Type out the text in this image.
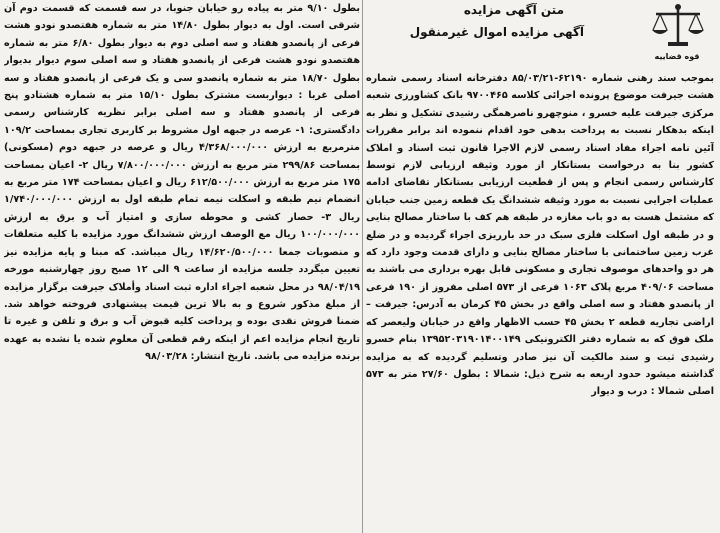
قوه قضاییه
متن آگهی مزایده
آگهی مزایده اموال غیرمنقول

بموجب سند رهنی شماره ۶۲۱۹۰-۸۵/۰۳/۲۱ دفترخانه اسناد رسمی شماره هشت جیرفت موضوع پرونده اجرائی کلاسه ۹۷۰۰۴۶۵ بانک کشاورزی شعبه مرکزی جیرفت علیه خسرو ، منوچهرو ناصرهمگی رشیدی تشکیل و نظر به اینکه بدهکار نسبت به پرداخت بدهی خود اقدام ننموده اند برابر مقررات آئین نامه اجراء مفاد اسناد رسمی لازم الاجرا قانون ثبت اسناد و املاک کشور بنا به درخواست بستانکار از مورد وثیقه ارزیابی لازم توسط کارشناس رسمی انجام و پس از قطعیت ارزیابی بستانکار تقاضای ادامه عملیات اجرایی نسبت به مورد وثیقه ششدانگ یک قطعه زمین جنب خیابان که مشتمل هست به دو باب مغازه در طبقه هم کف با ساختار مصالح بنایی و در طبقه اول اسکلت فلزی سبک در حد بارریزی اجراء گردیده و در ضلع غرب زمین ساختمانی با ساختار مصالح بنایی و دارای قدمت وجود دارد که هر دو واحدهای موصوف تجاری و مسکونی قابل بهره برداری می باشند به مساحت ۴۰۹/۰۶ مربع پلاک ۱۰۶۳ فرعی از ۵۷۳ اصلی مفروز از ۱۹۰ فرعی از پانصدو هفتاد و سه اصلی واقع در بخش ۴۵ کرمان به آدرس: جیرفت – اراضی تجاریه قطعه ۲ بخش ۴۵ حسب الاظهار واقع در خیابان ولیعصر که ملک فوق که به شماره دفتر الکترونیکی ۱۳۹۵۲۰۳۱۹۰۱۴۰۰۱۴۹ بنام خسرو رشیدی ثبت و سند مالکیت آن نیز صادر وتسلیم گردیده که به مزایده گذاشته میشود حدود اربعه به شرح ذیل: شمالا : بطول ۲۷/۶۰ متر به ۵۷۳ اصلی شمالا : درب و دیوار

بطول ۹/۱۰ متر به پیاده رو خیابان جنوبا، در سه قسمت که قسمت دوم آن شرقی است. اول به دیوار بطول ۱۴/۸۰ متر به شماره هفتصدو نودو هشت فرعی از پانصدو هفتاد و سه اصلی دوم به دیوار بطول ۶/۸۰ متر به شماره هفتصدو نودو هشت فرعی از پانصدو هفتاد و سه اصلی سوم دیوار بدیوار بطول ۱۸/۷۰ متر به شماره پانصدو سی و یک فرعی از پانصدو هفتاد و سه اصلی غربا : دیواربست مشترک بطول ۱۵/۱۰ متر به شماره هشتادو پنج فرعی از پانصدو هفتاد و سه اصلی برابر نظریه کارشناس رسمی دادگستری: ۱- عرصه در جبهه اول مشروط بر کاربری تجاری بمساحت ۱۰۹/۲ مترمربع به ارزش ۴/۳۶۸/۰۰۰/۰۰۰ ریال و عرصه در جبهه دوم (مسکونی) بمساحت ۲۹۹/۸۶ متر مربع به ارزش ۷/۸۰۰/۰۰۰/۰۰۰ ریال ۲- اعیان بمساحت ۱۷۵ متر مربع به ارزش ۶۱۲/۵۰۰/۰۰۰ ریال و اعیان بمساحت ۱۷۴ متر مربع به انضمام نیم طبقه و اسکلت نیمه تمام طبقه اول به ارزش ۱/۷۴۰/۰۰۰/۰۰۰ ریال ۳- حصار کشی و محوطه سازی و امتیاز آب و برق به ارزش ۱۰۰/۰۰۰/۰۰۰ ریال مع الوصف ارزش ششدانگ مورد مزایده با کلیه متعلقات و منصوبات جمعا ۱۴/۶۲۰/۵۰۰/۰۰۰ ریال میباشد. که مبنا و پایه مزایده نیز تعیین میگردد جلسه مزایده از ساعت ۹ الی ۱۲ صبح روز چهارشنبه مورخه ۹۸/۰۴/۱۹ در محل شعبه اجراء اداره ثبت اسناد وأملاک جیرفت برگزار مزایده از مبلغ مذکور شروع و به بالا ترین قیمت پیشنهادی فروخته خواهد شد. ضمنا فروش نقدی بوده و پرداخت کلیه قبوض آب و برق و تلفن و غیره تا تاریخ انجام مزایده اعم از اینکه رقم قطعی آن معلوم شده یا نشده به عهده برنده مزایده می باشد. تاریخ انتشار: ۹۸/۰۳/۲۸
